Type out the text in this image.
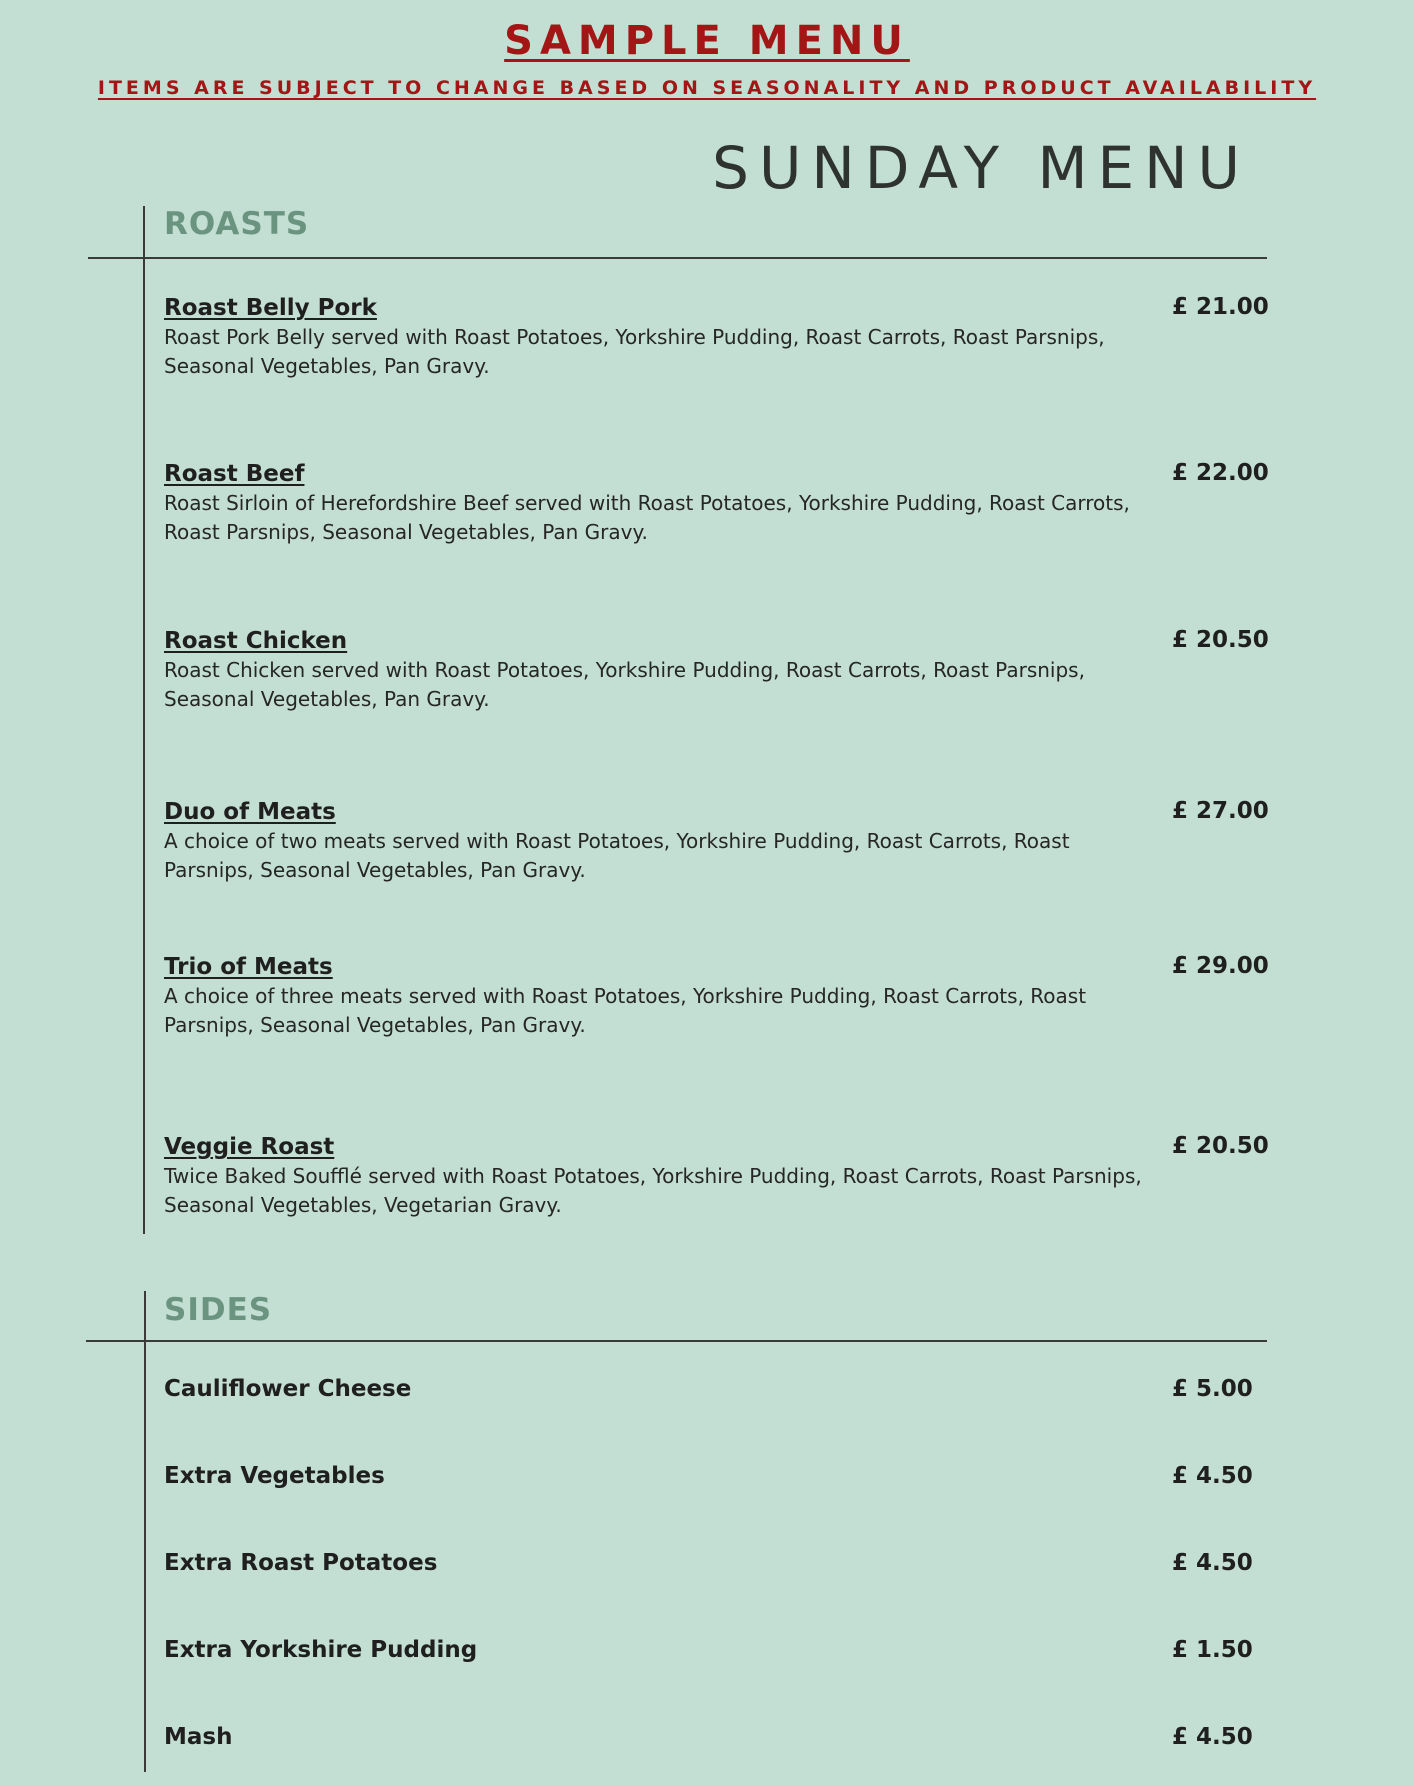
SAMPLE MENU
ITEMS ARE SUBJECT TO CHANGE BASED ON SEASONALITY AND PRODUCT AVAILABILITY
SUNDAY MENU
ROASTS
Roast Belly Pork
Roast Pork Belly served with Roast Potatoes, Yorkshire Pudding, Roast Carrots, Roast Parsnips, Seasonal Vegetables, Pan Gravy.
£ 21.00
Roast Beef
Roast Sirloin of Herefordshire Beef served with Roast Potatoes, Yorkshire Pudding, Roast Carrots, Roast Parsnips, Seasonal Vegetables, Pan Gravy.
£ 22.00
Roast Chicken
Roast Chicken served with Roast Potatoes, Yorkshire Pudding, Roast Carrots, Roast Parsnips, Seasonal Vegetables, Pan Gravy.
£ 20.50
Duo of Meats
A choice of two meats served with Roast Potatoes, Yorkshire Pudding, Roast Carrots, Roast Parsnips, Seasonal Vegetables, Pan Gravy.
£ 27.00
Trio of Meats
A choice of three meats served with Roast Potatoes, Yorkshire Pudding, Roast Carrots, Roast Parsnips, Seasonal Vegetables, Pan Gravy.
£ 29.00
Veggie Roast
Twice Baked Soufflé served with Roast Potatoes, Yorkshire Pudding, Roast Carrots, Roast Parsnips, Seasonal Vegetables, Vegetarian Gravy.
£ 20.50
SIDES
Cauliflower Cheese	£ 5.00
Extra Vegetables	£ 4.50
Extra Roast Potatoes	£ 4.50
Extra Yorkshire Pudding	£ 1.50
Mash	£ 4.50
